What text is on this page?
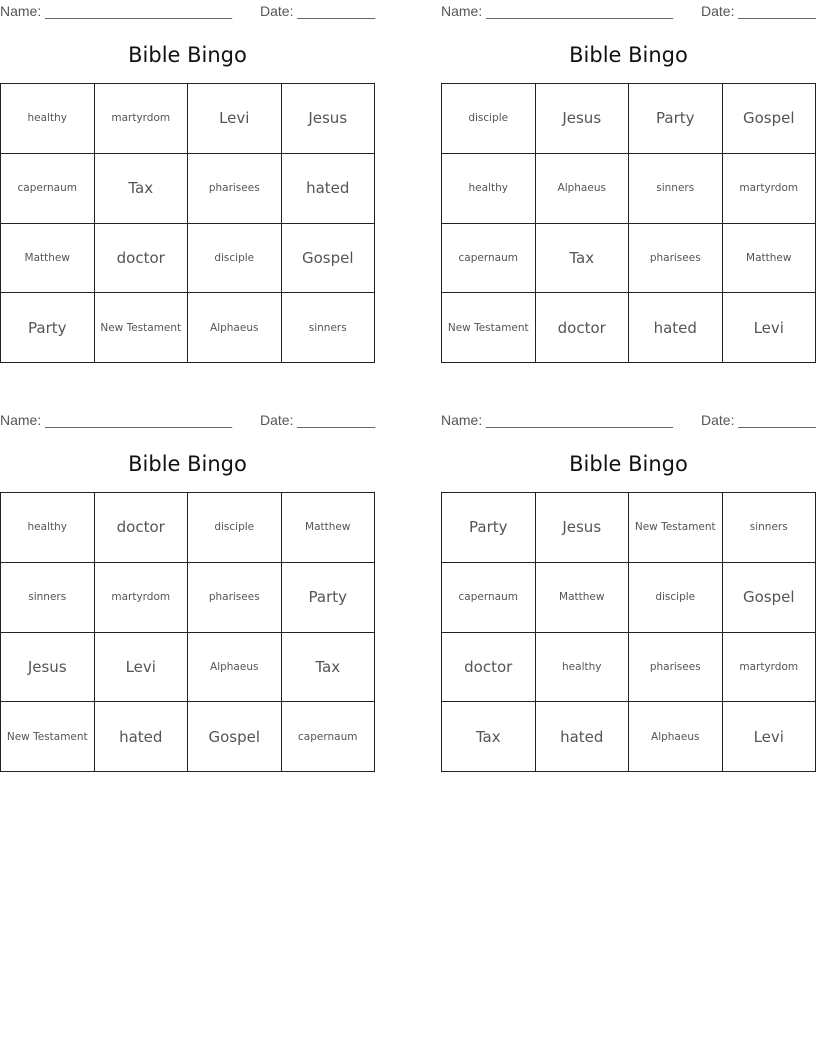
Name: ________________________ Date: __________
Bible Bingo
healthy	martyrdom	Levi	Jesus
capernaum	Tax	pharisees	hated
Matthew	doctor	disciple	Gospel
Party	New Testament	Alphaeus	sinners
Name: ________________________ Date: __________
Bible Bingo
disciple	Jesus	Party	Gospel
healthy	Alphaeus	sinners	martyrdom
capernaum	Tax	pharisees	Matthew
New Testament	doctor	hated	Levi
Name: ________________________ Date: __________
Bible Bingo
healthy	doctor	disciple	Matthew
sinners	martyrdom	pharisees	Party
Jesus	Levi	Alphaeus	Tax
New Testament	hated	Gospel	capernaum
Name: ________________________ Date: __________
Bible Bingo
Party	Jesus	New Testament	sinners
capernaum	Matthew	disciple	Gospel
doctor	healthy	pharisees	martyrdom
Tax	hated	Alphaeus	Levi
